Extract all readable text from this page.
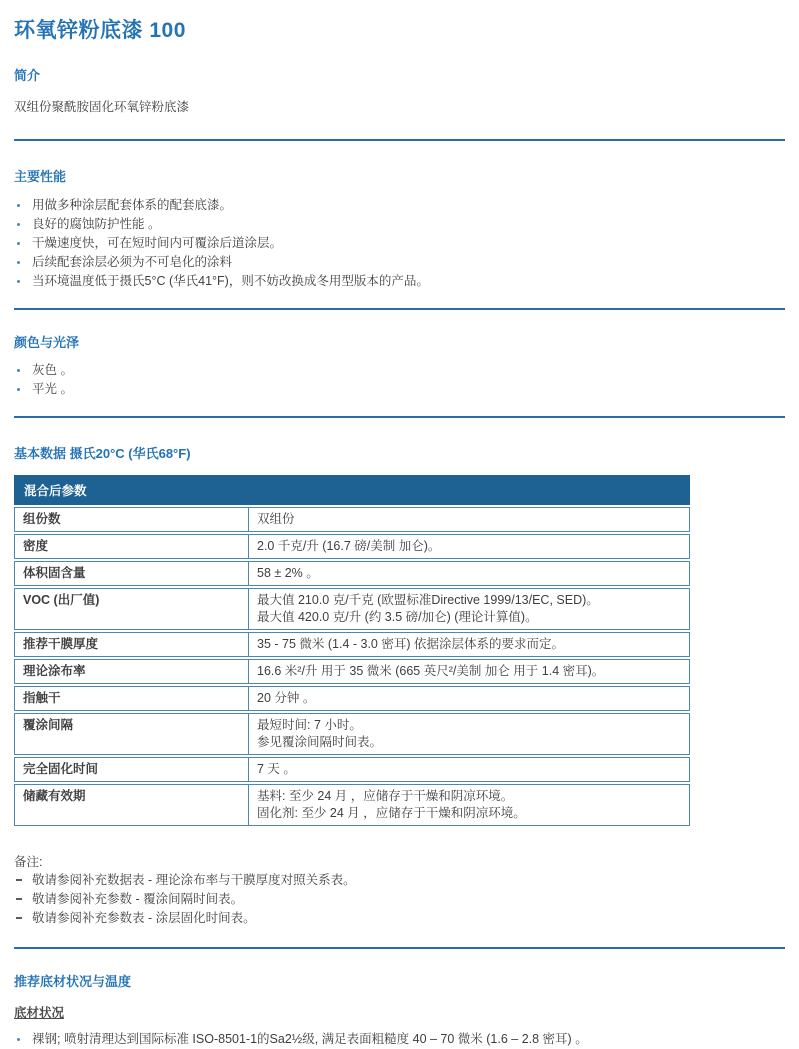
环氧锌粉底漆 100
简介
双组份聚酰胺固化环氧锌粉底漆
主要性能
用做多种涂层配套体系的配套底漆。
良好的腐蚀防护性能 。
干燥速度快，可在短时间内可覆涂后道涂层。
后续配套涂层必须为不可皂化的涂料
当环境温度低于摄氏5°C (华氏41°F)，则不妨改换成冬用型版本的产品。
颜色与光泽
灰色 。
平光 。
基本数据 摄氏20°C (华氏68°F)
混合后参数
组份数	双组份
密度	2.0 千克/升 (16.7 磅/美制 加仑)。
体积固含量	58 ± 2% 。
VOC (出厂值)	最大值 210.0 克/千克 (欧盟标准Directive 1999/13/EC, SED)。
最大值 420.0 克/升 (约 3.5 磅/加仑) (理论计算值)。
推荐干膜厚度	35 - 75 微米 (1.4 - 3.0 密耳) 依据涂层体系的要求而定。
理论涂布率	16.6 米²/升 用于 35 微米 (665 英尺²/美制 加仑 用于 1.4 密耳)。
指触干	20 分钟 。
覆涂间隔	最短时间: 7 小时。
参见覆涂间隔时间表。
完全固化时间	7 天 。
储藏有效期	基料: 至少 24 月 ，应储存于干燥和阴凉环境。
固化剂: 至少 24 月 ，应储存于干燥和阴凉环境。
备注:
敬请参阅补充数据表 - 理论涂布率与干膜厚度对照关系表。
敬请参阅补充参数 - 覆涂间隔时间表。
敬请参阅补充参数表 - 涂层固化时间表。
推荐底材状况与温度
底材状况
裸钢; 喷射清理达到国际标准 ISO-8501-1的Sa2½级, 满足表面粗糙度 40 – 70 微米 (1.6 – 2.8 密耳) 。
